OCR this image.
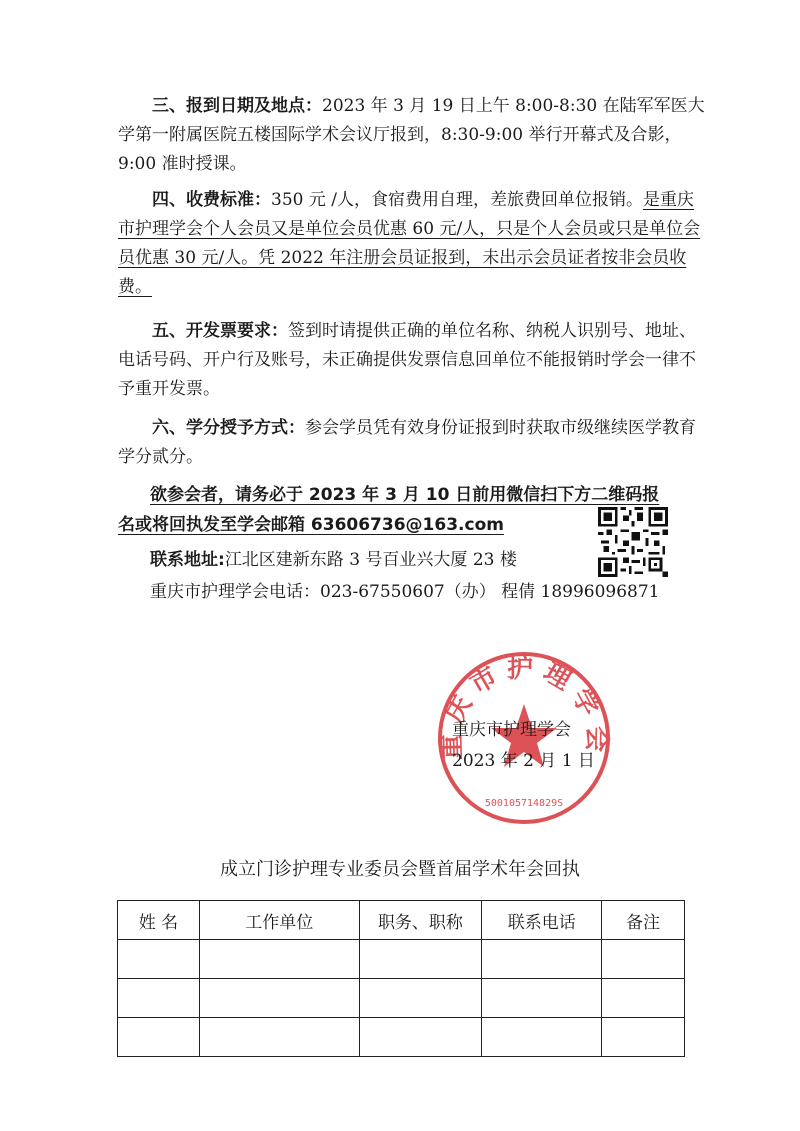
三、报到日期及地点：2023 年 3 月 19 日上午 8:00-8:30 在陆军军医大学第一附属医院五楼国际学术会议厅报到，8:30-9:00 举行开幕式及合影，9:00 准时授课。

四、收费标准：350 元 /人，食宿费用自理，差旅费回单位报销。是重庆市护理学会个人会员又是单位会员优惠 60 元/人，只是个人会员或只是单位会员优惠 30 元/人。凭 2022 年注册会员证报到，未出示会员证者按非会员收费。

五、开发票要求：签到时请提供正确的单位名称、纳税人识别号、地址、电话号码、开户行及账号，未正确提供发票信息回单位不能报销时学会一律不予重开发票。

六、学分授予方式：参会学员凭有效身份证报到时获取市级继续医学教育学分贰分。

欲参会者，请务必于 2023 年 3 月 10 日前用微信扫下方二维码报
名或将回执发至学会邮箱 63606736@163.com
联系地址:江北区建新东路 3 号百业兴大厦 23 楼
重庆市护理学会电话：023-67550607（办） 程倩 18996096871
重庆市护理学会
500105714829S
重庆市护理学会
2023 年 2 月 1 日
成立门诊护理专业委员会暨首届学术年会回执
姓 名	工作单位	职务、职称	联系电话	备注
